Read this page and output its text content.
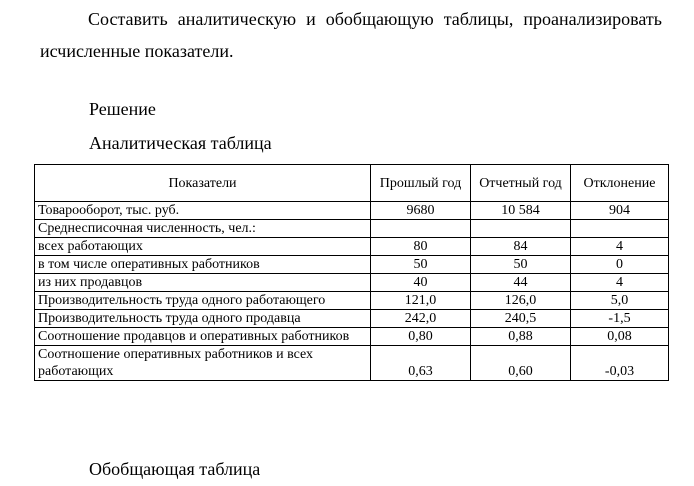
Составить аналитическую и обобщающую таблицы, проанализировать исчисленные показатели.

Решение
Аналитическая таблица
Показатели	Прошлый год	Отчетный год	Отклонение
Товарооборот, тыс. руб.	9680	10 584	904
Среднесписочная численность, чел.:			
всех работающих	80	84	4
в том числе оперативных работников	50	50	0
из них продавцов	40	44	4
Производительность труда одного работающего	121,0	126,0	5,0
Производительность труда одного продавца	242,0	240,5	-1,5
Соотношение продавцов и оперативных работников	0,80	0,88	0,08
Соотношение оперативных работников и всех работающих	0,63	0,60	-0,03
Обобщающая таблица
